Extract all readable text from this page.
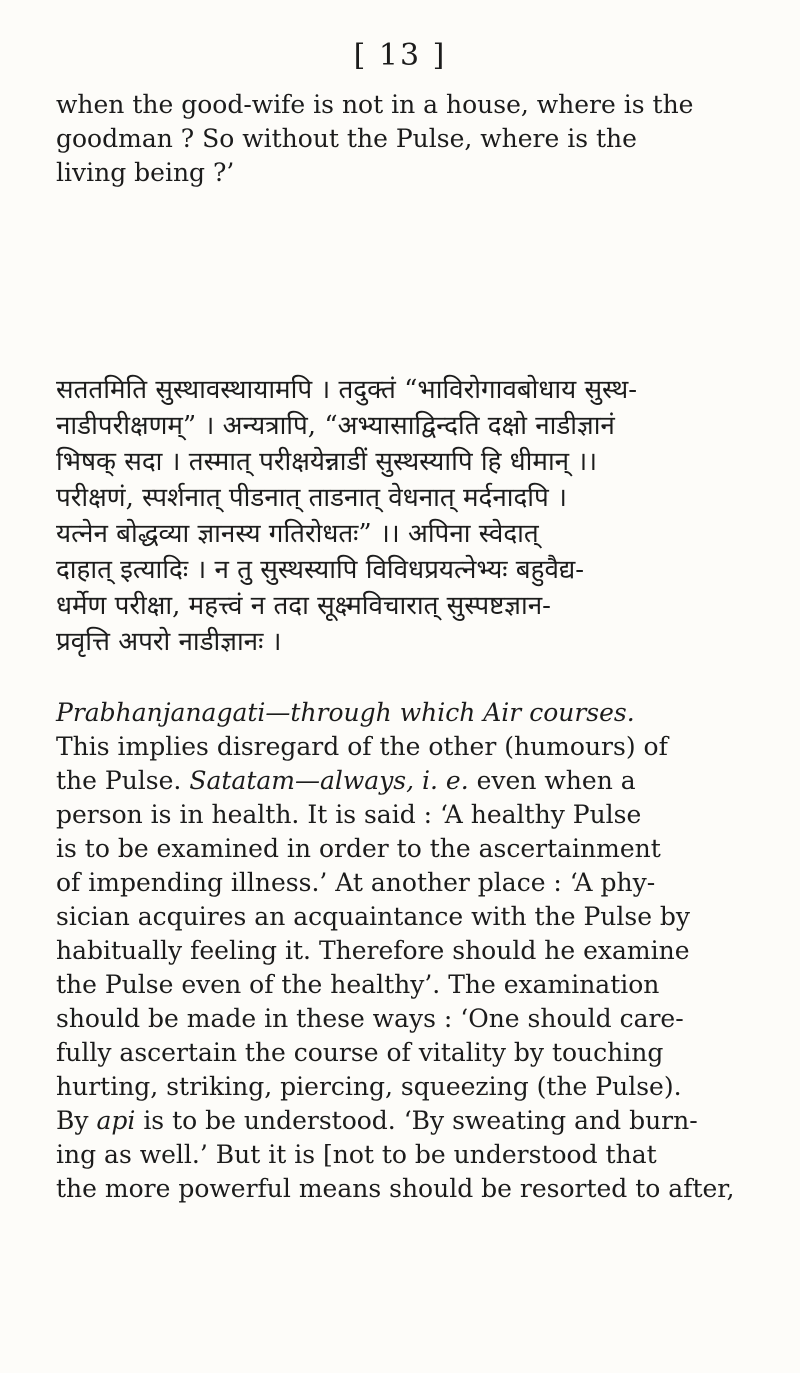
[ 13 ]

when the good-wife is not in a house, where is the
goodman ? So without the Pulse, where is the
living being ?’

सततमिति सुस्थावस्थायामपि । तदुक्तं “भाविरोगावबोधाय सुस्थ-
नाडीपरीक्षणम्” । अन्यत्रापि, “अभ्यासाद्विन्दति दक्षो नाडीज्ञानं
भिषक् सदा । तस्मात् परीक्षयेन्नाडीं सुस्थस्यापि हि धीमान् ।।
परीक्षणं, स्पर्शनात् पीडनात् ताडनात् वेधनात् मर्दनादपि ।
यत्नेन बोद्धव्या ज्ञानस्य गतिरोधतः” ।। अपिना स्वेदात्
दाहात् इत्यादिः । न तु सुस्थस्यापि विविधप्रयत्नेभ्यः बहुवैद्य-
धर्मेण परीक्षा, महत्त्वं न तदा सूक्ष्मविचारात् सुस्पष्टज्ञान-
प्रवृत्ति अपरो नाडीज्ञानः ।

Prabhanjanagati—through which Air courses.
This implies disregard of the other (humours) of
the Pulse. Satatam—always, i. e. even when a
person is in health. It is said : ‘A healthy Pulse
is to be examined in order to the ascertainment
of impending illness.’ At another place : ‘A phy-
sician acquires an acquaintance with the Pulse by
habitually feeling it. Therefore should he examine
the Pulse even of the healthy’. The examination
should be made in these ways : ‘One should care-
fully ascertain the course of vitality by touching
hurting, striking, piercing, squeezing (the Pulse).
By api is to be understood. ‘By sweating and burn-
ing as well.’ But it is [not to be understood that
the more powerful means should be resorted to after,
